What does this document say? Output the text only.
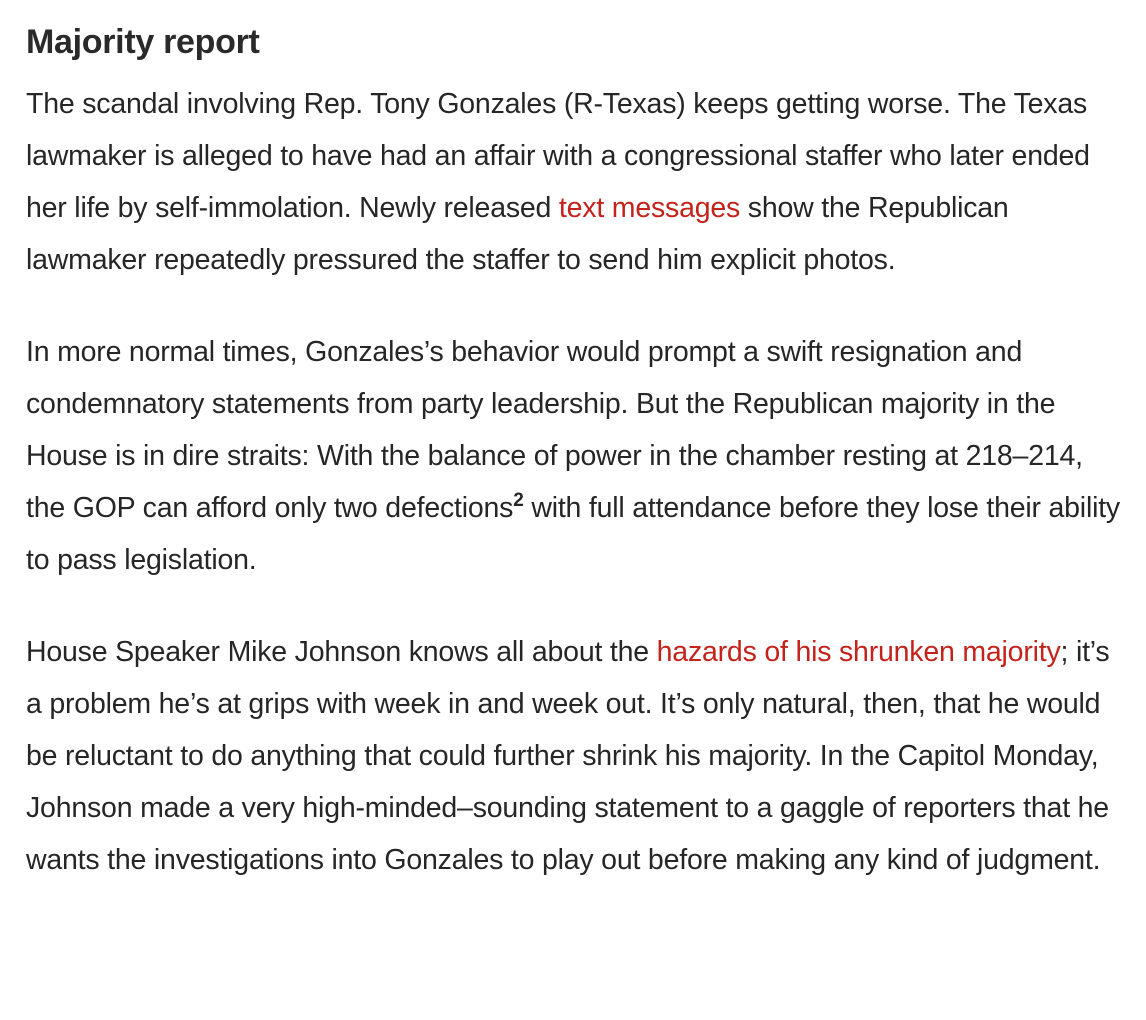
Majority report

The scandal involving Rep. Tony Gonzales (R-Texas) keeps getting worse. The Texas lawmaker is alleged to have had an affair with a congressional staffer who later ended her life by self-immolation. Newly released text messages show the Republican lawmaker repeatedly pressured the staffer to send him explicit photos.

In more normal times, Gonzales’s behavior would prompt a swift resignation and condemnatory statements from party leadership. But the Republican majority in the House is in dire straits: With the balance of power in the chamber resting at 218–214, the GOP can afford only two defections$^2$ with full attendance before they lose their ability to pass legislation.

House Speaker Mike Johnson knows all about the hazards of his shrunken majority; it’s a problem he’s at grips with week in and week out. It’s only natural, then, that he would be reluctant to do anything that could further shrink his majority. In the Capitol Monday, Johnson made a very high-minded–sounding statement to a gaggle of reporters that he wants the investigations into Gonzales to play out before making any kind of judgment.
